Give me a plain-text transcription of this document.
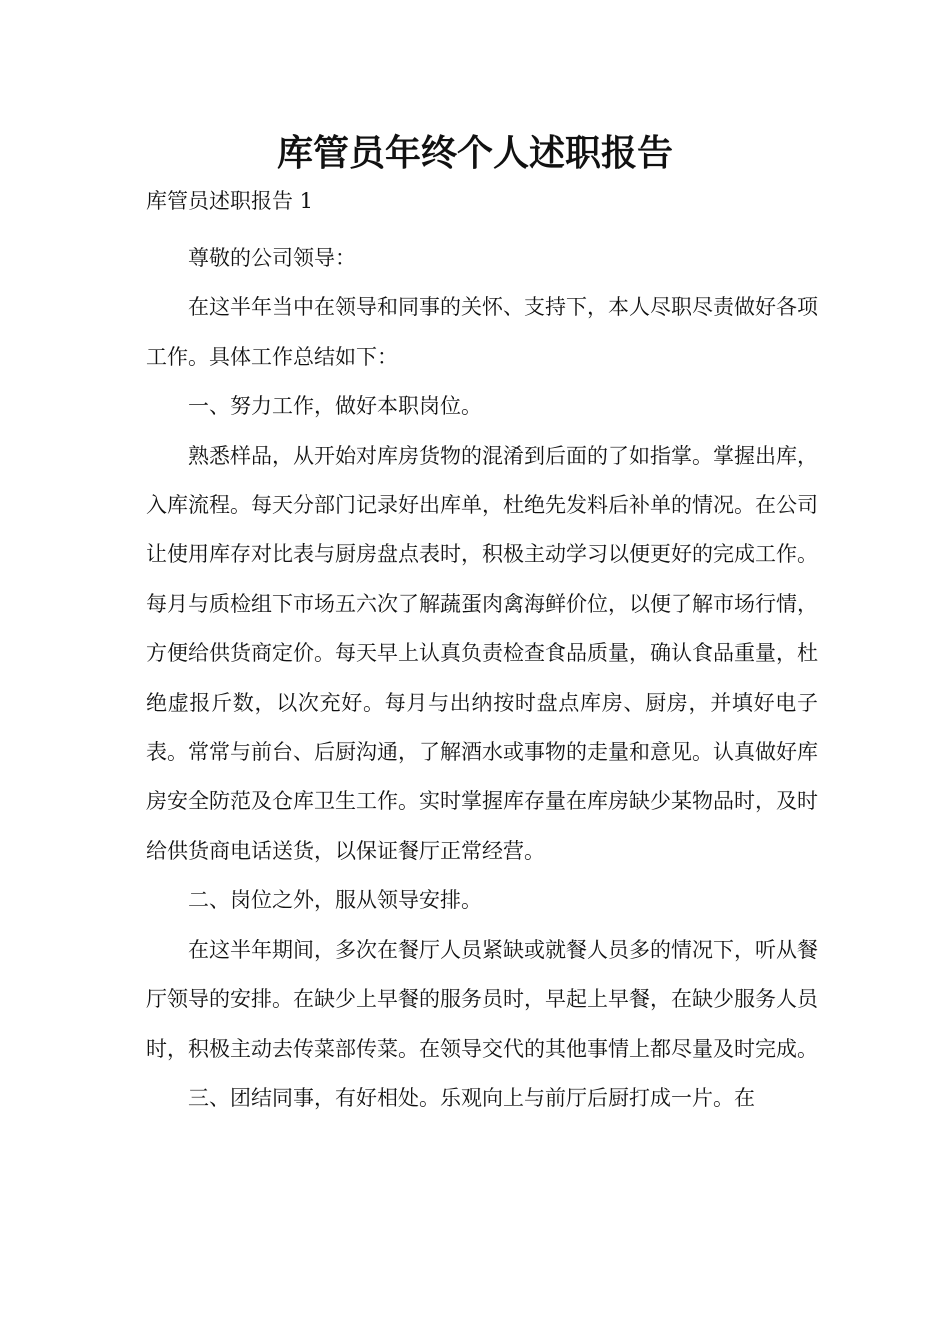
库管员年终个人述职报告

库管员述职报告 1

尊敬的公司领导：

在这半年当中在领导和同事的关怀、支持下，本人尽职尽责做好各项工作。具体工作总结如下：

一、努力工作，做好本职岗位。

熟悉样品，从开始对库房货物的混淆到后面的了如指掌。掌握出库，入库流程。每天分部门记录好出库单，杜绝先发料后补单的情况。在公司让使用库存对比表与厨房盘点表时，积极主动学习以便更好的完成工作。每月与质检组下市场五六次了解蔬蛋肉禽海鲜价位，以便了解市场行情，方便给供货商定价。每天早上认真负责检查食品质量，确认食品重量，杜绝虚报斤数，以次充好。每月与出纳按时盘点库房、厨房，并填好电子表。常常与前台、后厨沟通，了解酒水或事物的走量和意见。认真做好库房安全防范及仓库卫生工作。实时掌握库存量在库房缺少某物品时，及时给供货商电话送货，以保证餐厅正常经营。

二、岗位之外，服从领导安排。

在这半年期间，多次在餐厅人员紧缺或就餐人员多的情况下，听从餐厅领导的安排。在缺少上早餐的服务员时，早起上早餐，在缺少服务人员时，积极主动去传菜部传菜。在领导交代的其他事情上都尽量及时完成。

三、团结同事，有好相处。乐观向上与前厅后厨打成一片。在
